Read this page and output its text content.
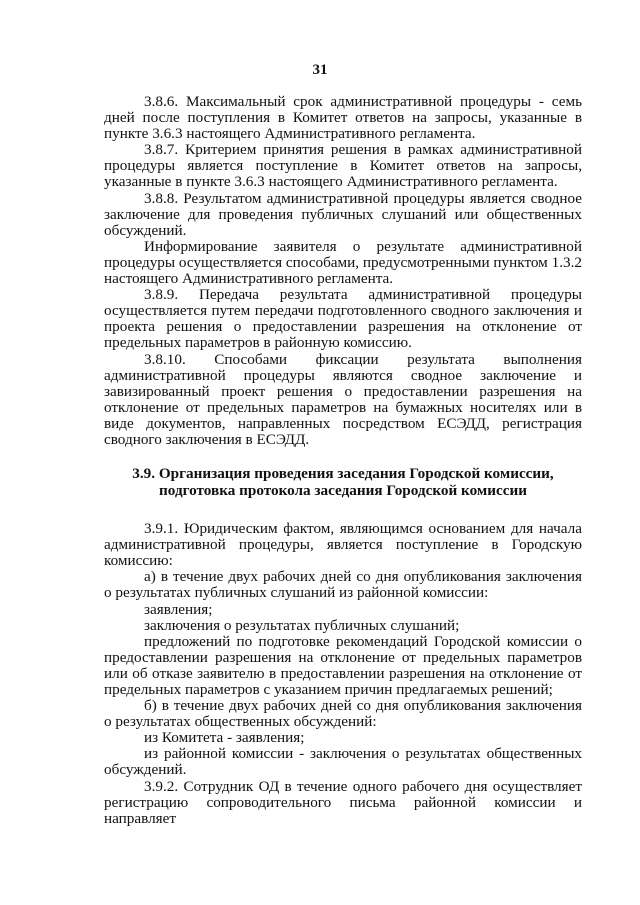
31

3.8.6. Максимальный срок административной процедуры - семь дней после поступления в Комитет ответов на запросы, указанные в пункте 3.6.3 настоящего Административного регламента.

3.8.7. Критерием принятия решения в рамках административной процедуры является поступление в Комитет ответов на запросы, указанные в пункте 3.6.3 настоящего Административного регламента.

3.8.8. Результатом административной процедуры является сводное заключение для проведения публичных слушаний или общественных обсуждений.

Информирование заявителя о результате административной процедуры осуществляется способами, предусмотренными пунктом 1.3.2 настоящего Административного регламента.

3.8.9. Передача результата административной процедуры осуществляется путем передачи подготовленного сводного заключения и проекта решения о предоставлении разрешения на отклонение от предельных параметров в районную комиссию.

3.8.10. Способами фиксации результата выполнения административной процедуры являются сводное заключение и завизированный проект решения о предоставлении разрешения на отклонение от предельных параметров на бумажных носителях или в виде документов, направленных посредством ЕСЭДД, регистрация сводного заключения в ЕСЭДД.

3.9. Организация проведения заседания Городской комиссии,
подготовка протокола заседания Городской комиссии

3.9.1. Юридическим фактом, являющимся основанием для начала административной процедуры, является поступление в Городскую комиссию:

а) в течение двух рабочих дней со дня опубликования заключения о результатах публичных слушаний из районной комиссии:

заявления;

заключения о результатах публичных слушаний;

предложений по подготовке рекомендаций Городской комиссии о предоставлении разрешения на отклонение от предельных параметров или об отказе заявителю в предоставлении разрешения на отклонение от предельных параметров с указанием причин предлагаемых решений;

б) в течение двух рабочих дней со дня опубликования заключения о результатах общественных обсуждений:

из Комитета - заявления;

из районной комиссии - заключения о результатах общественных обсуждений.

3.9.2. Сотрудник ОД в течение одного рабочего дня осуществляет регистрацию сопроводительного письма районной комиссии и направляет
